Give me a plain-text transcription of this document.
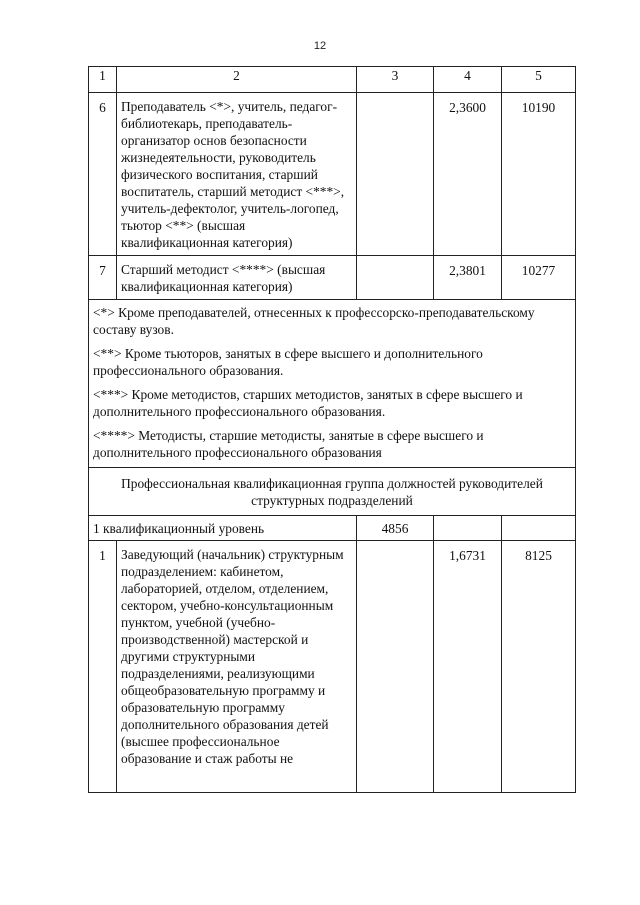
12
1	2	3	4	5
6	Преподаватель <*>, учитель, педагог-библиотекарь, преподаватель-организатор основ безопасности жизнедеятельности, руководитель физического воспитания, старший воспитатель, старший методист <***>, учитель-дефектолог, учитель-логопед, тьютор <**> (высшая квалификационная категория)		2,3600	10190
7	Старший методист <****> (высшая квалификационная категория)		2,3801	10277

<*> Кроме преподавателей, отнесенных к профессорско-преподавательскому составу вузов.

<**> Кроме тьюторов, занятых в сфере высшего и дополнительного профессионального образования.

<***> Кроме методистов, старших методистов, занятых в сфере высшего и дополнительного профессионального образования.

<****> Методисты, старшие методисты, занятые в сфере высшего и дополнительного профессионального образования				

Профессиональная квалификационная группа должностей руководителей структурных подразделений				
1 квалификационный уровень		4856		
1	Заведующий (начальник) структурным подразделением: кабинетом, лабораторией, отделом, отделением, сектором, учебно-консультационным пунктом, учебной (учебно-производственной) мастерской и другими структурными подразделениями, реализующими общеобразовательную программу и образовательную программу дополнительного образования детей (высшее профессиональное образование и стаж работы не		1,6731	8125
